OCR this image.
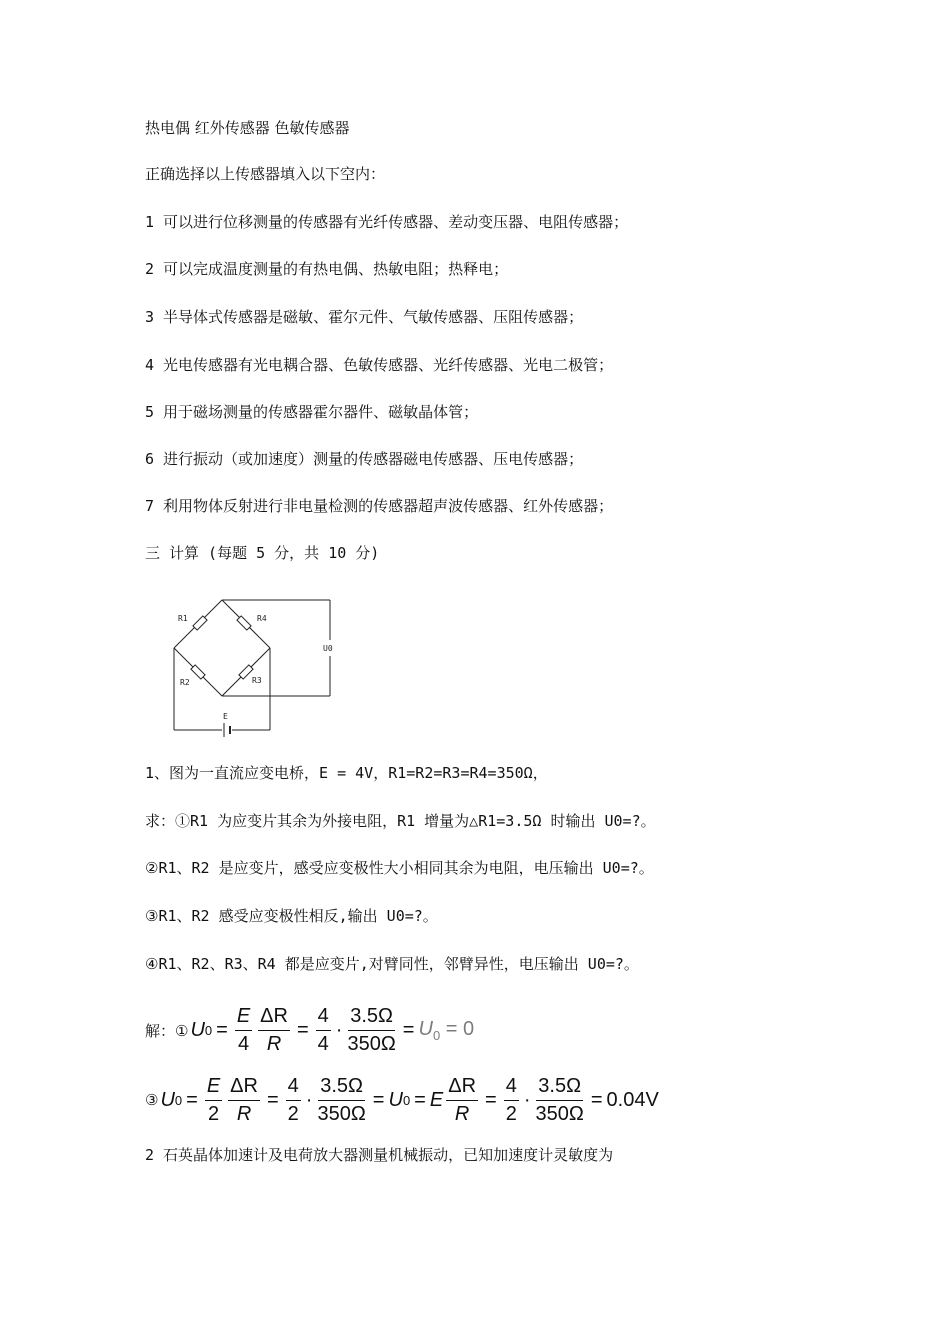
热电偶 红外传感器 色敏传感器
正确选择以上传感器填入以下空内：
1 可以进行位移测量的传感器有光纤传感器、差动变压器、电阻传感器；
2 可以完成温度测量的有热电偶、热敏电阻；热释电；
3 半导体式传感器是磁敏、霍尔元件、气敏传感器、压阻传感器；
4 光电传感器有光电耦合器、色敏传感器、光纤传感器、光电二极管；
5 用于磁场测量的传感器霍尔器件、磁敏晶体管；
6 进行振动（或加速度）测量的传感器磁电传感器、压电传感器；
7 利用物体反射进行非电量检测的传感器超声波传感器、红外传感器；
三 计算 (每题 5 分，共 10 分)
R1	R4
R2	R3
U0
E
1、图为一直流应变电桥，E = 4V，R1=R2=R3=R4=350Ω，
求：①R1 为应变片其余为外接电阻，R1 增量为△R1=3.5Ω 时输出 U0=?。
②R1、R2 是应变片，感受应变极性大小相同其余为电阻，电压输出 U0=?。
③R1、R2 感受应变极性相反,输出 U0=?。
④R1、R2、R3、R4 都是应变片,对臂同性，邻臂异性，电压输出 U0=?。
解：① U $0 = \frac{E}{4} \frac{\Delta R}{R} = \frac{4}{4} \cdot \frac{3.5\Omega}{350\Omega} = U_0 = 0$
③ U $0 = \frac{E}{2} \frac{\Delta R}{R} = \frac{4}{2} \cdot \frac{3.5\Omega}{350\Omega} = U$ 0 = E $\frac{\Delta R}{R} = \frac{4}{2} \cdot \frac{3.5\Omega}{350\Omega} = 0.04V$
2 石英晶体加速计及电荷放大器测量机械振动，已知加速度计灵敏度为
